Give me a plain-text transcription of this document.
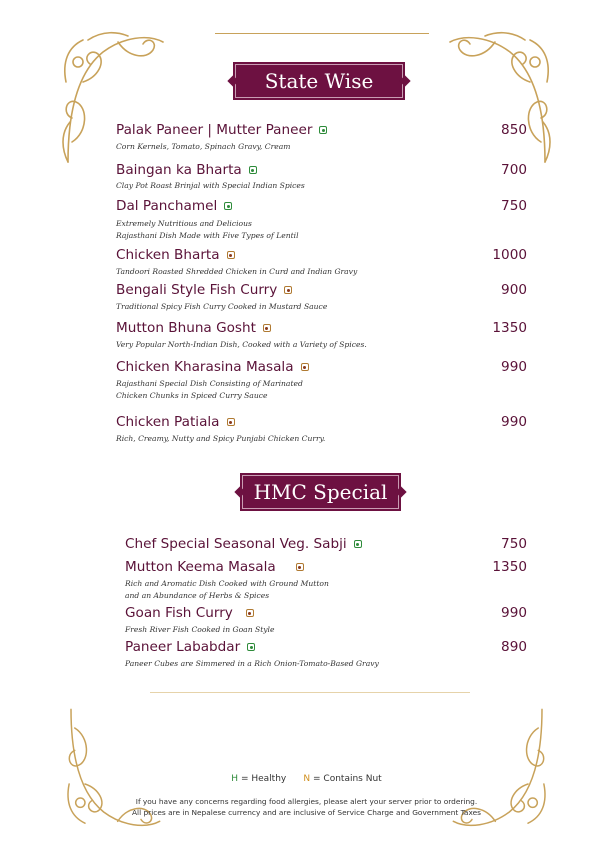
State Wise
Palak Paneer | Mutter Paneer	850
Corn Kernels, Tomato, Spinach Gravy, Cream
Baingan ka Bharta	700
Clay Pot Roast Brinjal with Special Indian Spices
Dal Panchamel	750
Extremely Nutritious and Delicious
Rajasthani Dish Made with Five Types of Lentil
Chicken Bharta	1000
Tandoori Roasted Shredded Chicken in Curd and Indian Gravy
Bengali Style Fish Curry	900
Traditional Spicy Fish Curry Cooked in Mustard Sauce
Mutton Bhuna Gosht	1350
Very Popular North-Indian Dish, Cooked with a Variety of Spices.
Chicken Kharasina Masala	990
Rajasthani Special Dish Consisting of Marinated
Chicken Chunks in Spiced Curry Sauce
Chicken Patiala	990
Rich, Creamy, Nutty and Spicy Punjabi Chicken Curry.
HMC Special
Chef Special Seasonal Veg. Sabji	750
Mutton Keema Masala	1350
Rich and Aromatic Dish Cooked with Ground Mutton
and an Abundance of Herbs & Spices
Goan Fish Curry	990
Fresh River Fish Cooked in Goan Style
Paneer Lababdar	890
Paneer Cubes are Simmered in a Rich Onion-Tomato-Based Gravy
H = Healthy N = Contains Nut
If you have any concerns regarding food allergies, please alert your server prior to ordering.
All prices are in Nepalese currency and are inclusive of Service Charge and Government Taxes
